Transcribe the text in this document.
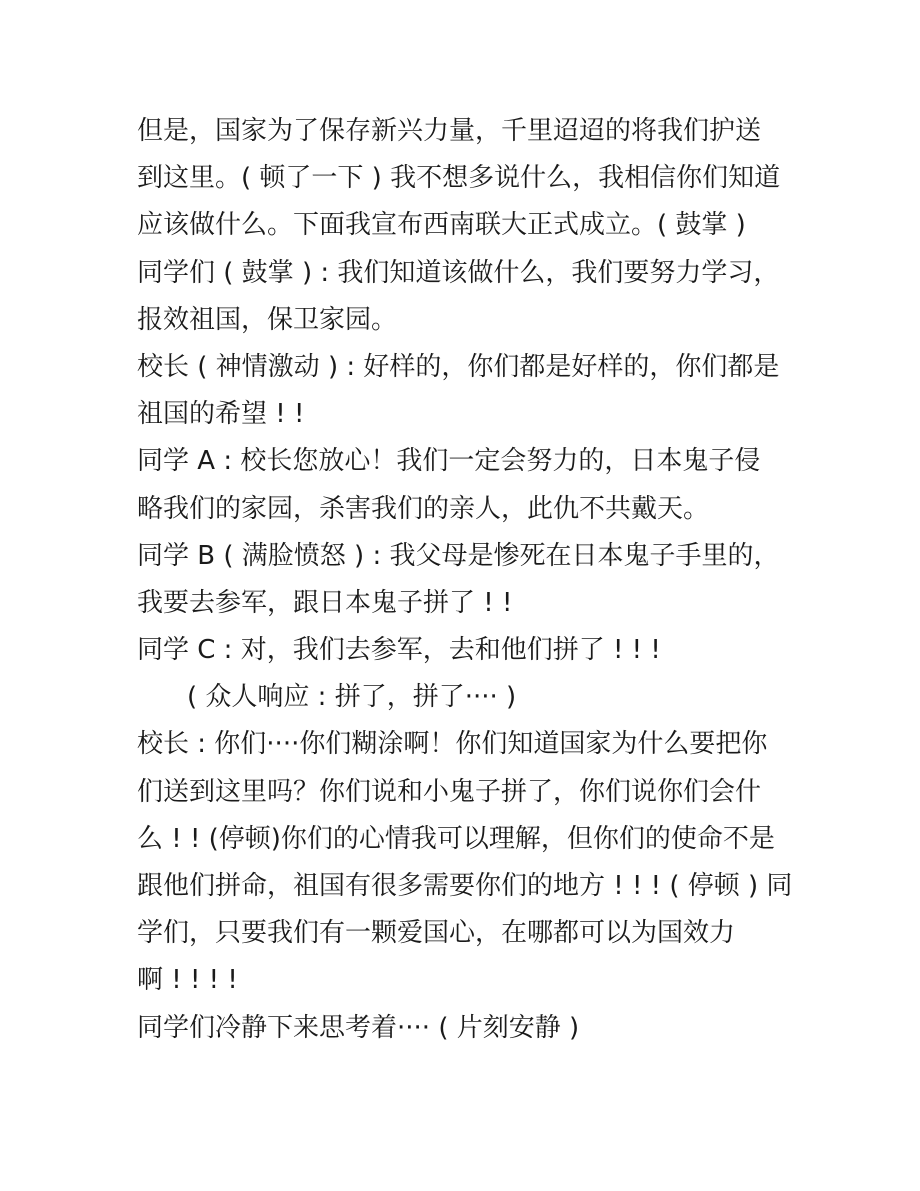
但是，国家为了保存新兴力量，千里迢迢的将我们护送
到这里。( 顿了一下 ) 我不想多说什么，我相信你们知道
应该做什么。下面我宣布西南联大正式成立。( 鼓掌 )
同学们 ( 鼓掌 ) : 我们知道该做什么，我们要努力学习，
报效祖国，保卫家园。
校长 ( 神情激动 ) : 好样的，你们都是好样的，你们都是
祖国的希望 ! !
同学 A : 校长您放心！我们一定会努力的，日本鬼子侵
略我们的家园，杀害我们的亲人，此仇不共戴天。
同学 B ( 满脸愤怒 ) : 我父母是惨死在日本鬼子手里的，
我要去参军，跟日本鬼子拼了 ! !
同学 C : 对，我们去参军，去和他们拼了 ! ! !
( 众人响应 : 拼了，拼了···· )
校长 : 你们····你们糊涂啊！你们知道国家为什么要把你
们送到这里吗？你们说和小鬼子拼了，你们说你们会什
么 ! ! (停顿)你们的心情我可以理解，但你们的使命不是
跟他们拼命，祖国有很多需要你们的地方 ! ! ! ( 停顿 ) 同
学们，只要我们有一颗爱国心，在哪都可以为国效力
啊 ! ! ! !
同学们冷静下来思考着···· ( 片刻安静 )
